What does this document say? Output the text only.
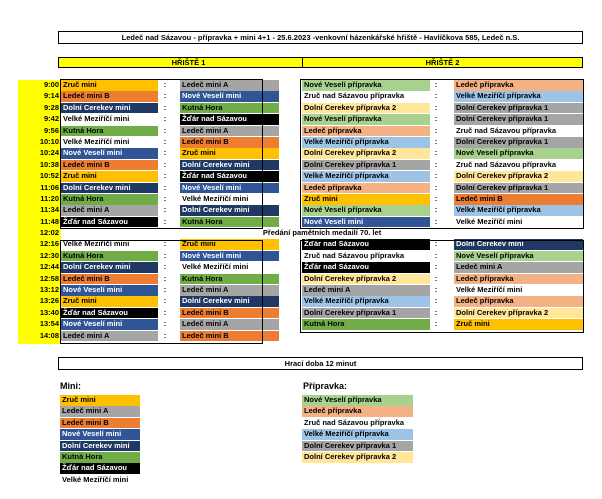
Ledeč nad Sázavou - přípravka + mini 4+1 - 25.6.2023 -venkovní házenkářské hřiště - Havlíčkova 585, Ledeč n.S.
HŘIŠTĚ 1	HŘIŠTĚ 2
9:00 Zruč mini	Ledeč mini A	Nové Veselí přípravka	Ledeč přípravka
:	:
9:14 Ledeč mini B	Nové Veselí mini	Zruč nad Sázavou přípravka	Velké Meziříčí přípravka
:	:
9:28 Dolní Cerekev mini	Kutná Hora	Dolní Cerekev přípravka 2	Dolní Cerekev přípravka 1
:	:
9:42 Velké Meziříčí mini	Žďár nad Sázavou	Nové Veselí přípravka	Dolní Cerekev přípravka 1
:	:
9:56 Kutná Hora	Ledeč mini A	Ledeč přípravka	Zruč nad Sázavou přípravka
:	:
10:10 Velké Meziříčí mini	Ledeč mini B	Velké Meziříčí přípravka	Dolní Cerekev přípravka 1
:	:
10:24 Nové Veselí mini	Zruč mini	Dolní Cerekev přípravka 2	Nové Veselí přípravka
:	:
10:38 Ledeč mini B	Dolní Cerekev mini	Dolní Cerekev přípravka 1	Zruč nad Sázavou přípravka
:	:
10:52 Zruč mini	Žďár nad Sázavou	Velké Meziříčí přípravka	Dolní Cerekev přípravka 2
:	:
11:06 Dolní Cerekev mini	Nové Veselí mini	Ledeč přípravka	Dolní Cerekev přípravka 1
:	:
11:20 Kutná Hora	Velké Meziříčí mini	Zruč mini	Ledeč mini B
:	:
11:34 Ledeč mini A	Dolní Cerekev mini	Nové Veselí přípravka	Velké Meziříčí přípravka
:	:
11:48 Žďár nad Sázavou	Kutná Hora	Nové Veselí mini	Velké Meziříčí mini
:	:
12:02	Předání pamětních medailí 70. let
12:16 Velké Meziříčí mini	Zruč mini	Žďár nad Sázavou	Dolní Cerekev mini
:	:
12:30 Kutná Hora	Nové Veselí mini	Zruč nad Sázavou přípravka	Nové Veselí přípravka
:	:
12:44 Dolní Cerekev mini	Velké Meziříčí mini	Žďár nad Sázavou	Ledeč mini A
:	:
12:58 Ledeč mini B	Kutná Hora	Dolní Cerekev přípravka 2	Ledeč přípravka
:	:
13:12 Nové Veselí mini	Ledeč mini A	Ledeč mini A	Velké Meziříčí mini
:	:
13:26 Zruč mini	Dolní Cerekev mini	Velké Meziříčí přípravka	Ledeč přípravka
:	:
13:40 Žďár nad Sázavou	Ledeč mini B	Dolní Cerekev přípravka 1	Dolní Cerekev přípravka 2
:	:
13:54 Nové Veselí mini	Ledeč mini A	Kutná Hora	Zruč mini
:	:
14:08 Ledeč mini A	Ledeč mini B
:
Hrací doba 12 minut
Mini:
Zruč mini
Ledeč mini A
Ledeč mini B
Nové Veselí mini
Dolní Cerekev mini
Kutná Hora
Žďár nad Sázavou
Velké Meziříčí mini
Přípravka:
Nové Veselí přípravka
Ledeč přípravka
Zruč nad Sázavou přípravka
Velké Meziříčí přípravka
Dolní Cerekev přípravka 1
Dolní Cerekev přípravka 2
